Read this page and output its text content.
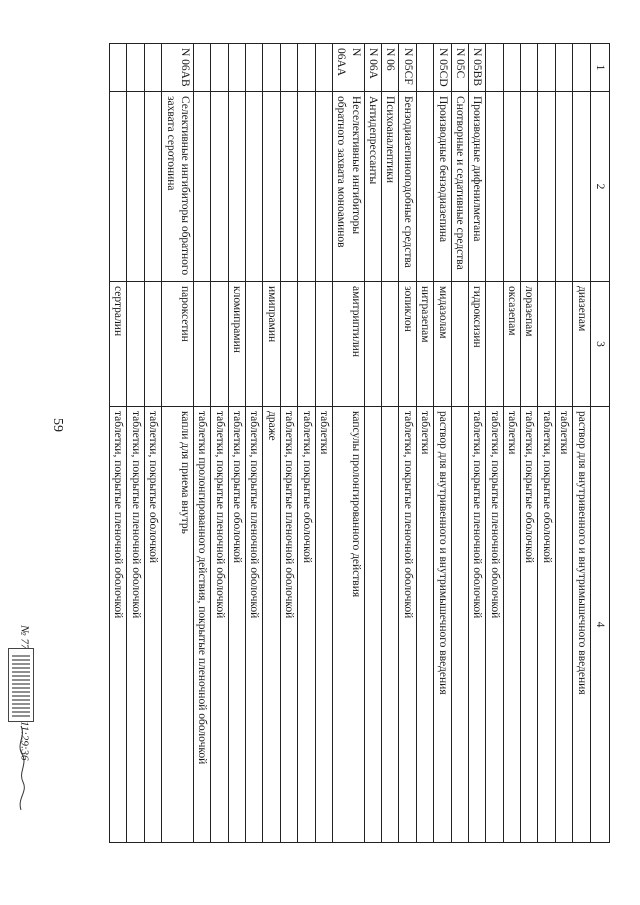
59
1	2	3	4
		диазепам	раствор для внутривенного и внутримышечного введения
			таблетки
			таблетки, покрытые оболочкой
		лоразепам	таблетки, покрытые оболочкой
		оксазепам	таблетки
			таблетки, покрытые пленочной оболочкой
N 05BB	Производные дифенилметана	гидроксизин	таблетки, покрытые пленочной оболочкой
N 05C	Снотворные и седативные средства		
N 05CD	Производные бензодиазепина	мидазолам	раствор для внутривенного и внутримышечного введения
		нитразепам	таблетки
N 05CF	Бензодиазепиноподобные средства	зопиклон	таблетки, покрытые пленочной оболочкой
N 06	Психоаналептики		
N 06A	Антидепрессанты		
N 06AA	Неселективные ингибиторы обратного захвата моноаминов	амитриптилин	капсулы пролонгированного действия
			таблетки
			таблетки, покрытые оболочкой
			таблетки, покрытые пленочной оболочкой
		имипрамин	драже
			таблетки, покрытые пленочной оболочкой
		кломипрамин	таблетки, покрытые оболочкой
			таблетки, покрытые пленочной оболочкой
			таблетки пролонгированного действия, покрытые пленочной оболочкой
N 06AB	Селективные ингибиторы обратного захвата серотонина	пароксетин	капли для приема внутрь
			таблетки, покрытые оболочкой
			таблетки, покрытые пленочной оболочкой
		сертралин	таблетки, покрытые пленочной оболочкой
